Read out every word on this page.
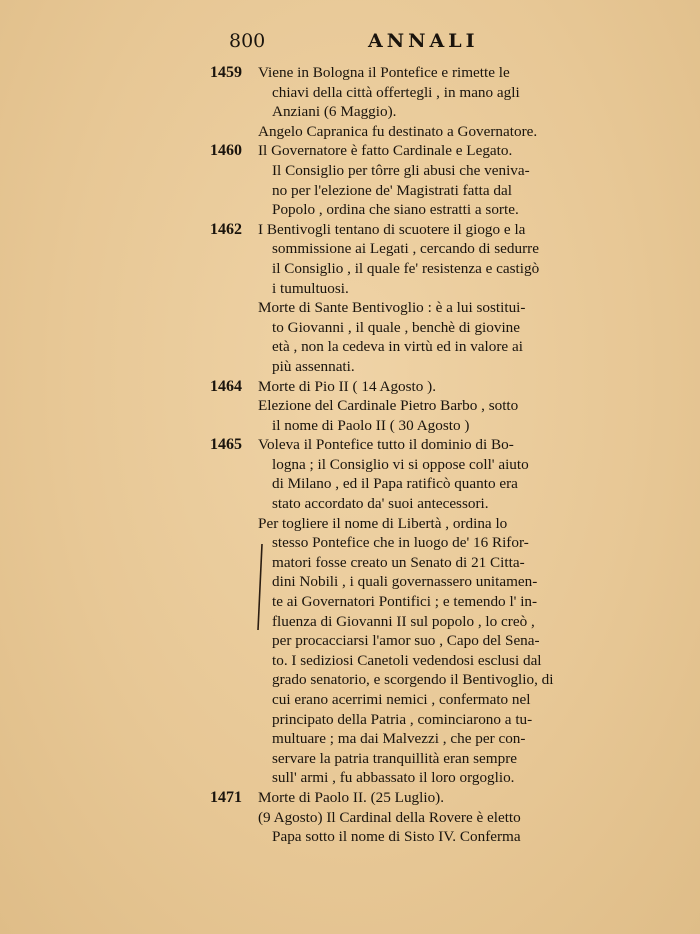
800	ANNALI
1459 Viene in Bologna il Pontefice e rimette le
chiavi della città offertegli , in mano agli
Anziani (6 Maggio).
Angelo Capranica fu destinato a Governatore.
1460 Il Governatore è fatto Cardinale e Legato.
Il Consiglio per tôrre gli abusi che veniva-
no per l'elezione de' Magistrati fatta dal
Popolo , ordina che siano estratti a sorte.
1462 I Bentivogli tentano di scuotere il giogo e la
sommissione ai Legati , cercando di sedurre
il Consiglio , il quale fe' resistenza e castigò
i tumultuosi.
Morte di Sante Bentivoglio : è a lui sostitui-
to Giovanni , il quale , benchè di giovine
età , non la cedeva in virtù ed in valore ai
più assennati.
1464 Morte di Pio II ( 14 Agosto ).
Elezione del Cardinale Pietro Barbo , sotto
il nome di Paolo II ( 30 Agosto )
1465 Voleva il Pontefice tutto il dominio di Bo-
logna ; il Consiglio vi si oppose coll' aiuto
di Milano , ed il Papa ratificò quanto era
stato accordato da' suoi antecessori.
Per togliere il nome di Libertà , ordina lo
stesso Pontefice che in luogo de' 16 Rifor-
matori fosse creato un Senato di 21 Citta-
dini Nobili , i quali governassero unitamen-
te ai Governatori Pontifici ; e temendo l' in-
fluenza di Giovanni II sul popolo , lo creò ,
per procacciarsi l'amor suo , Capo del Sena-
to. I sediziosi Canetoli vedendosi esclusi dal
grado senatorio, e scorgendo il Bentivoglio, di
cui erano acerrimi nemici , confermato nel
principato della Patria , cominciarono a tu-
multuare ; ma dai Malvezzi , che per con-
servare la patria tranquillità eran sempre
sull' armi , fu abbassato il loro orgoglio.
1471 Morte di Paolo II. (25 Luglio).
(9 Agosto) Il Cardinal della Rovere è eletto
Papa sotto il nome di Sisto IV. Conferma
